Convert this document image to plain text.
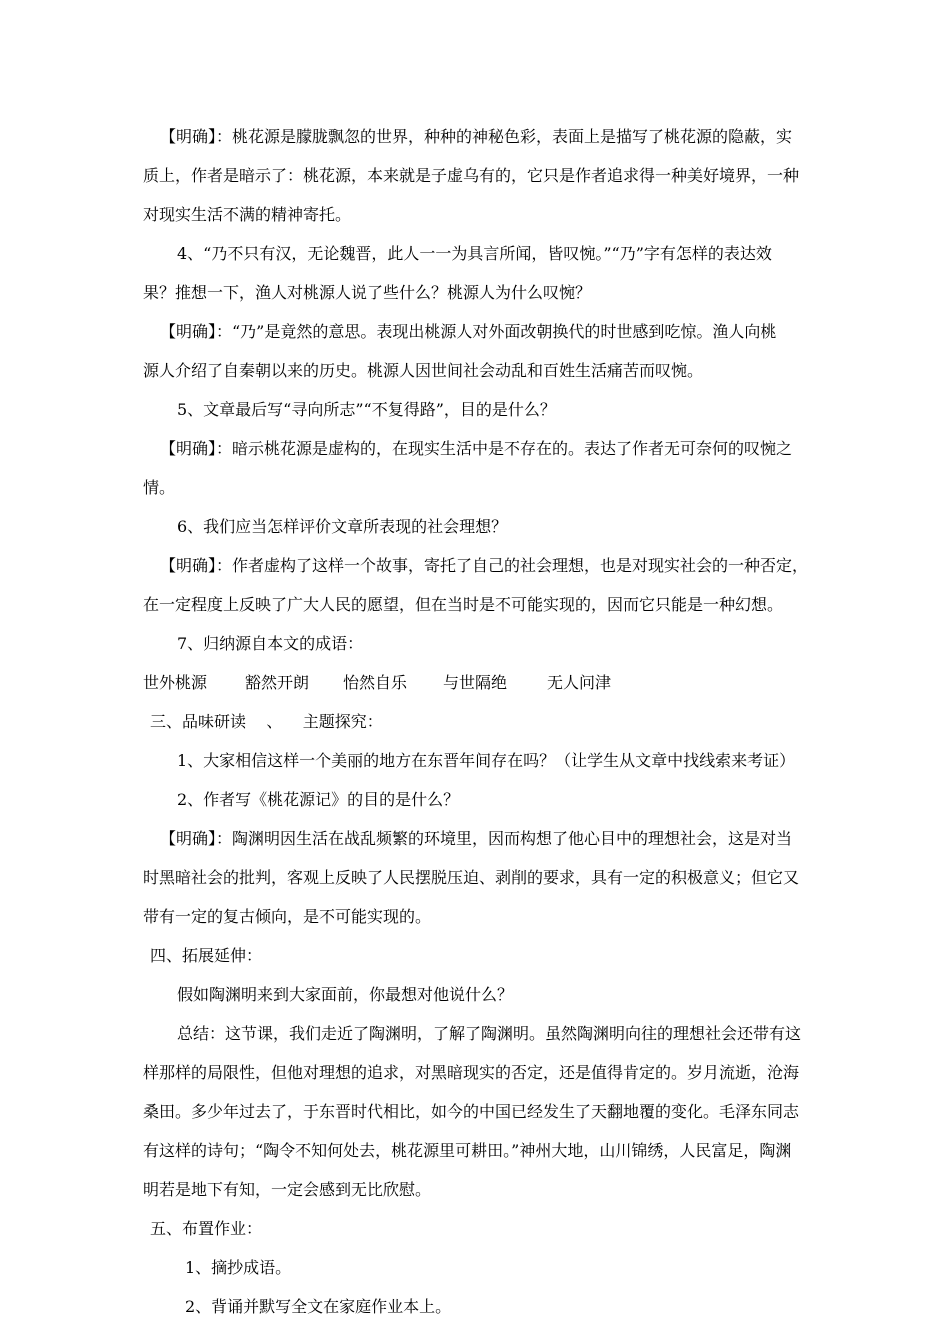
【明确】：桃花源是朦胧飘忽的世界，种种的神秘色彩，表面上是描写了桃花源的隐蔽，实
质上，作者是暗示了：桃花源，本来就是子虚乌有的，它只是作者追求得一种美好境界，一种
对现实生活不满的精神寄托。
4、“乃不只有汉，无论魏晋，此人一一为具言所闻，皆叹惋。”“乃”字有怎样的表达效
果？推想一下，渔人对桃源人说了些什么？桃源人为什么叹惋？
【明确】：“乃”是竟然的意思。表现出桃源人对外面改朝换代的时世感到吃惊。渔人向桃
源人介绍了自秦朝以来的历史。桃源人因世间社会动乱和百姓生活痛苦而叹惋。
5、文章最后写“寻向所志”“不复得路”，目的是什么？
【明确】：暗示桃花源是虚构的，在现实生活中是不存在的。表达了作者无可奈何的叹惋之
情。
6、我们应当怎样评价文章所表现的社会理想？
【明确】：作者虚构了这样一个故事，寄托了自己的社会理想，也是对现实社会的一种否定，
在一定程度上反映了广大人民的愿望，但在当时是不可能实现的，因而它只能是一种幻想。
7、归纳源自本文的成语：
世外桃源 豁然开朗 怡然自乐 与世隔绝 无人问津
三、品味研读    、    主题探究：
1、大家相信这样一个美丽的地方在东晋年间存在吗？（让学生从文章中找线索来考证）
2、作者写《桃花源记》的目的是什么？
【明确】：陶渊明因生活在战乱频繁的环境里，因而构想了他心目中的理想社会，这是对当
时黑暗社会的批判，客观上反映了人民摆脱压迫、剥削的要求，具有一定的积极意义；但它又
带有一定的复古倾向，是不可能实现的。
四、拓展延伸：
假如陶渊明来到大家面前，你最想对他说什么？
总结：这节课，我们走近了陶渊明，了解了陶渊明。虽然陶渊明向往的理想社会还带有这
样那样的局限性，但他对理想的追求，对黑暗现实的否定，还是值得肯定的。岁月流逝，沧海
桑田。多少年过去了，于东晋时代相比，如今的中国已经发生了天翻地覆的变化。毛泽东同志
有这样的诗句；“陶令不知何处去，桃花源里可耕田。”神州大地，山川锦绣，人民富足，陶渊
明若是地下有知，一定会感到无比欣慰。
五、布置作业：
1、摘抄成语。
2、背诵并默写全文在家庭作业本上。
